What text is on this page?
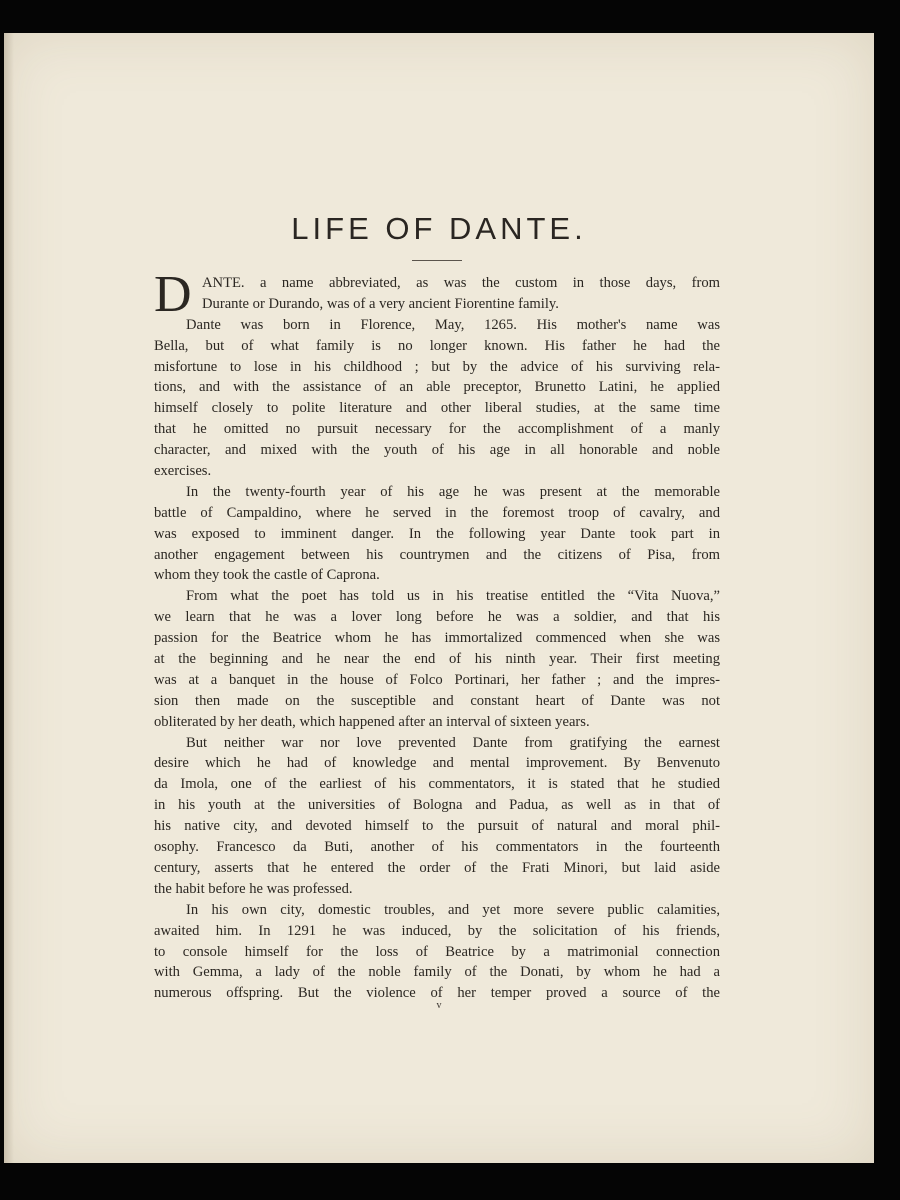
LIFE OF DANTE.
D ANTE. a name abbreviated, as was the custom in those days, from
Durante or Durando, was of a very ancient Fiorentine family.
Dante was born in Florence, May, 1265. His mother's name was
Bella, but of what family is no longer known. His father he had the
misfortune to lose in his childhood ; but by the advice of his surviving rela-
tions, and with the assistance of an able preceptor, Brunetto Latini, he applied
himself closely to polite literature and other liberal studies, at the same time
that he omitted no pursuit necessary for the accomplishment of a manly
character, and mixed with the youth of his age in all honorable and noble
exercises.
In the twenty-fourth year of his age he was present at the memorable
battle of Campaldino, where he served in the foremost troop of cavalry, and
was exposed to imminent danger. In the following year Dante took part in
another engagement between his countrymen and the citizens of Pisa, from
whom they took the castle of Caprona.
From what the poet has told us in his treatise entitled the “Vita Nuova,”
we learn that he was a lover long before he was a soldier, and that his
passion for the Beatrice whom he has immortalized commenced when she was
at the beginning and he near the end of his ninth year. Their first meeting
was at a banquet in the house of Folco Portinari, her father ; and the impres-
sion then made on the susceptible and constant heart of Dante was not
obliterated by her death, which happened after an interval of sixteen years.
But neither war nor love prevented Dante from gratifying the earnest
desire which he had of knowledge and mental improvement. By Benvenuto
da Imola, one of the earliest of his commentators, it is stated that he studied
in his youth at the universities of Bologna and Padua, as well as in that of
his native city, and devoted himself to the pursuit of natural and moral phil-
osophy. Francesco da Buti, another of his commentators in the fourteenth
century, asserts that he entered the order of the Frati Minori, but laid aside
the habit before he was professed.
In his own city, domestic troubles, and yet more severe public calamities,
awaited him. In 1291 he was induced, by the solicitation of his friends,
to console himself for the loss of Beatrice by a matrimonial connection
with Gemma, a lady of the noble family of the Donati, by whom he had a
numerous offspring. But the violence of her temper proved a source of the
v
